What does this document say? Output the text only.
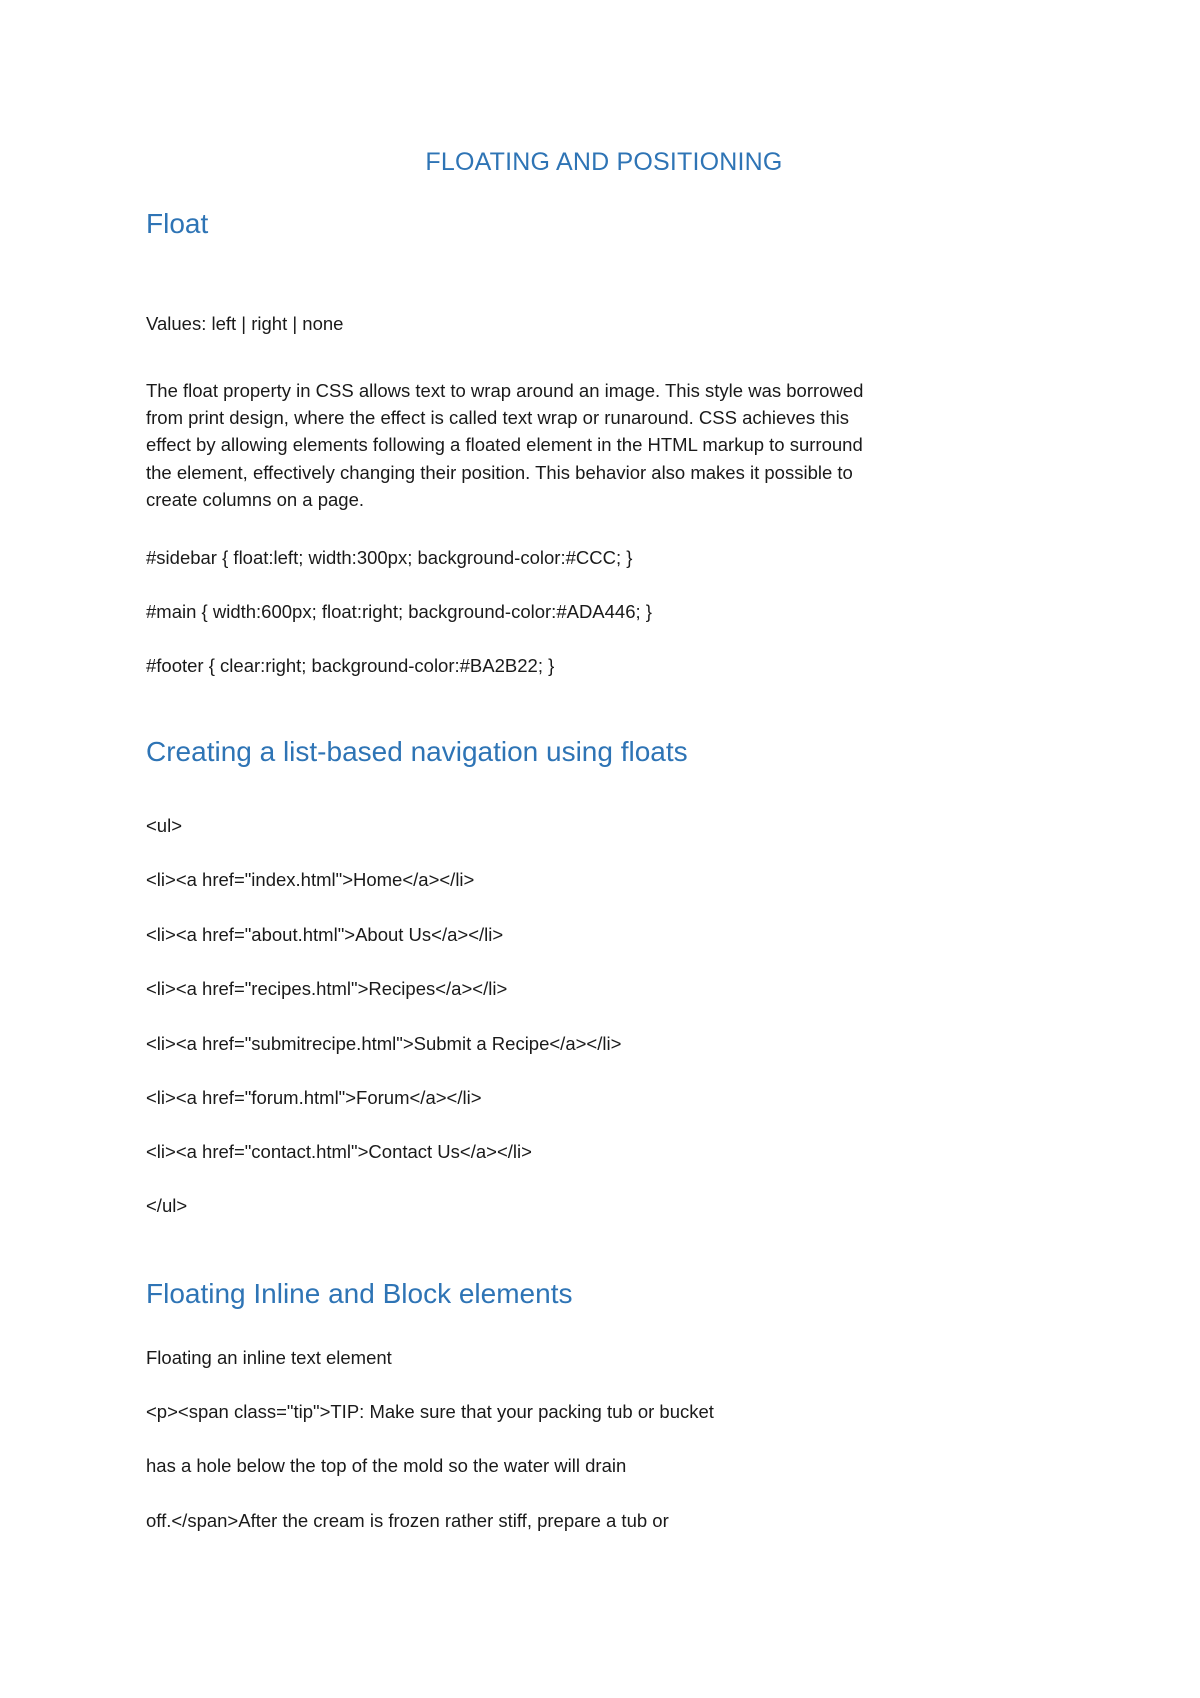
FLOATING AND POSITIONING
Float

Values: left | right | none

The float property in CSS allows text to wrap around an image. This style was borrowed
from print design, where the effect is called text wrap or runaround. CSS achieves this
effect by allowing elements following a floated element in the HTML markup to surround
the element, effectively changing their position. This behavior also makes it possible to
create columns on a page.

#sidebar { float:left; width:300px; background-color:#CCC; }

#main { width:600px; float:right; background-color:#ADA446; }

#footer { clear:right; background-color:#BA2B22; }

Creating a list-based navigation using floats

<ul>

<li><a href="index.html">Home</a></li>

<li><a href="about.html">About Us</a></li>

<li><a href="recipes.html">Recipes</a></li>

<li><a href="submitrecipe.html">Submit a Recipe</a></li>

<li><a href="forum.html">Forum</a></li>

<li><a href="contact.html">Contact Us</a></li>

</ul>

Floating Inline and Block elements

Floating an inline text element

<p><span class="tip">TIP: Make sure that your packing tub or bucket

has a hole below the top of the mold so the water will drain

off.</span>After the cream is frozen rather stiff, prepare a tub or
